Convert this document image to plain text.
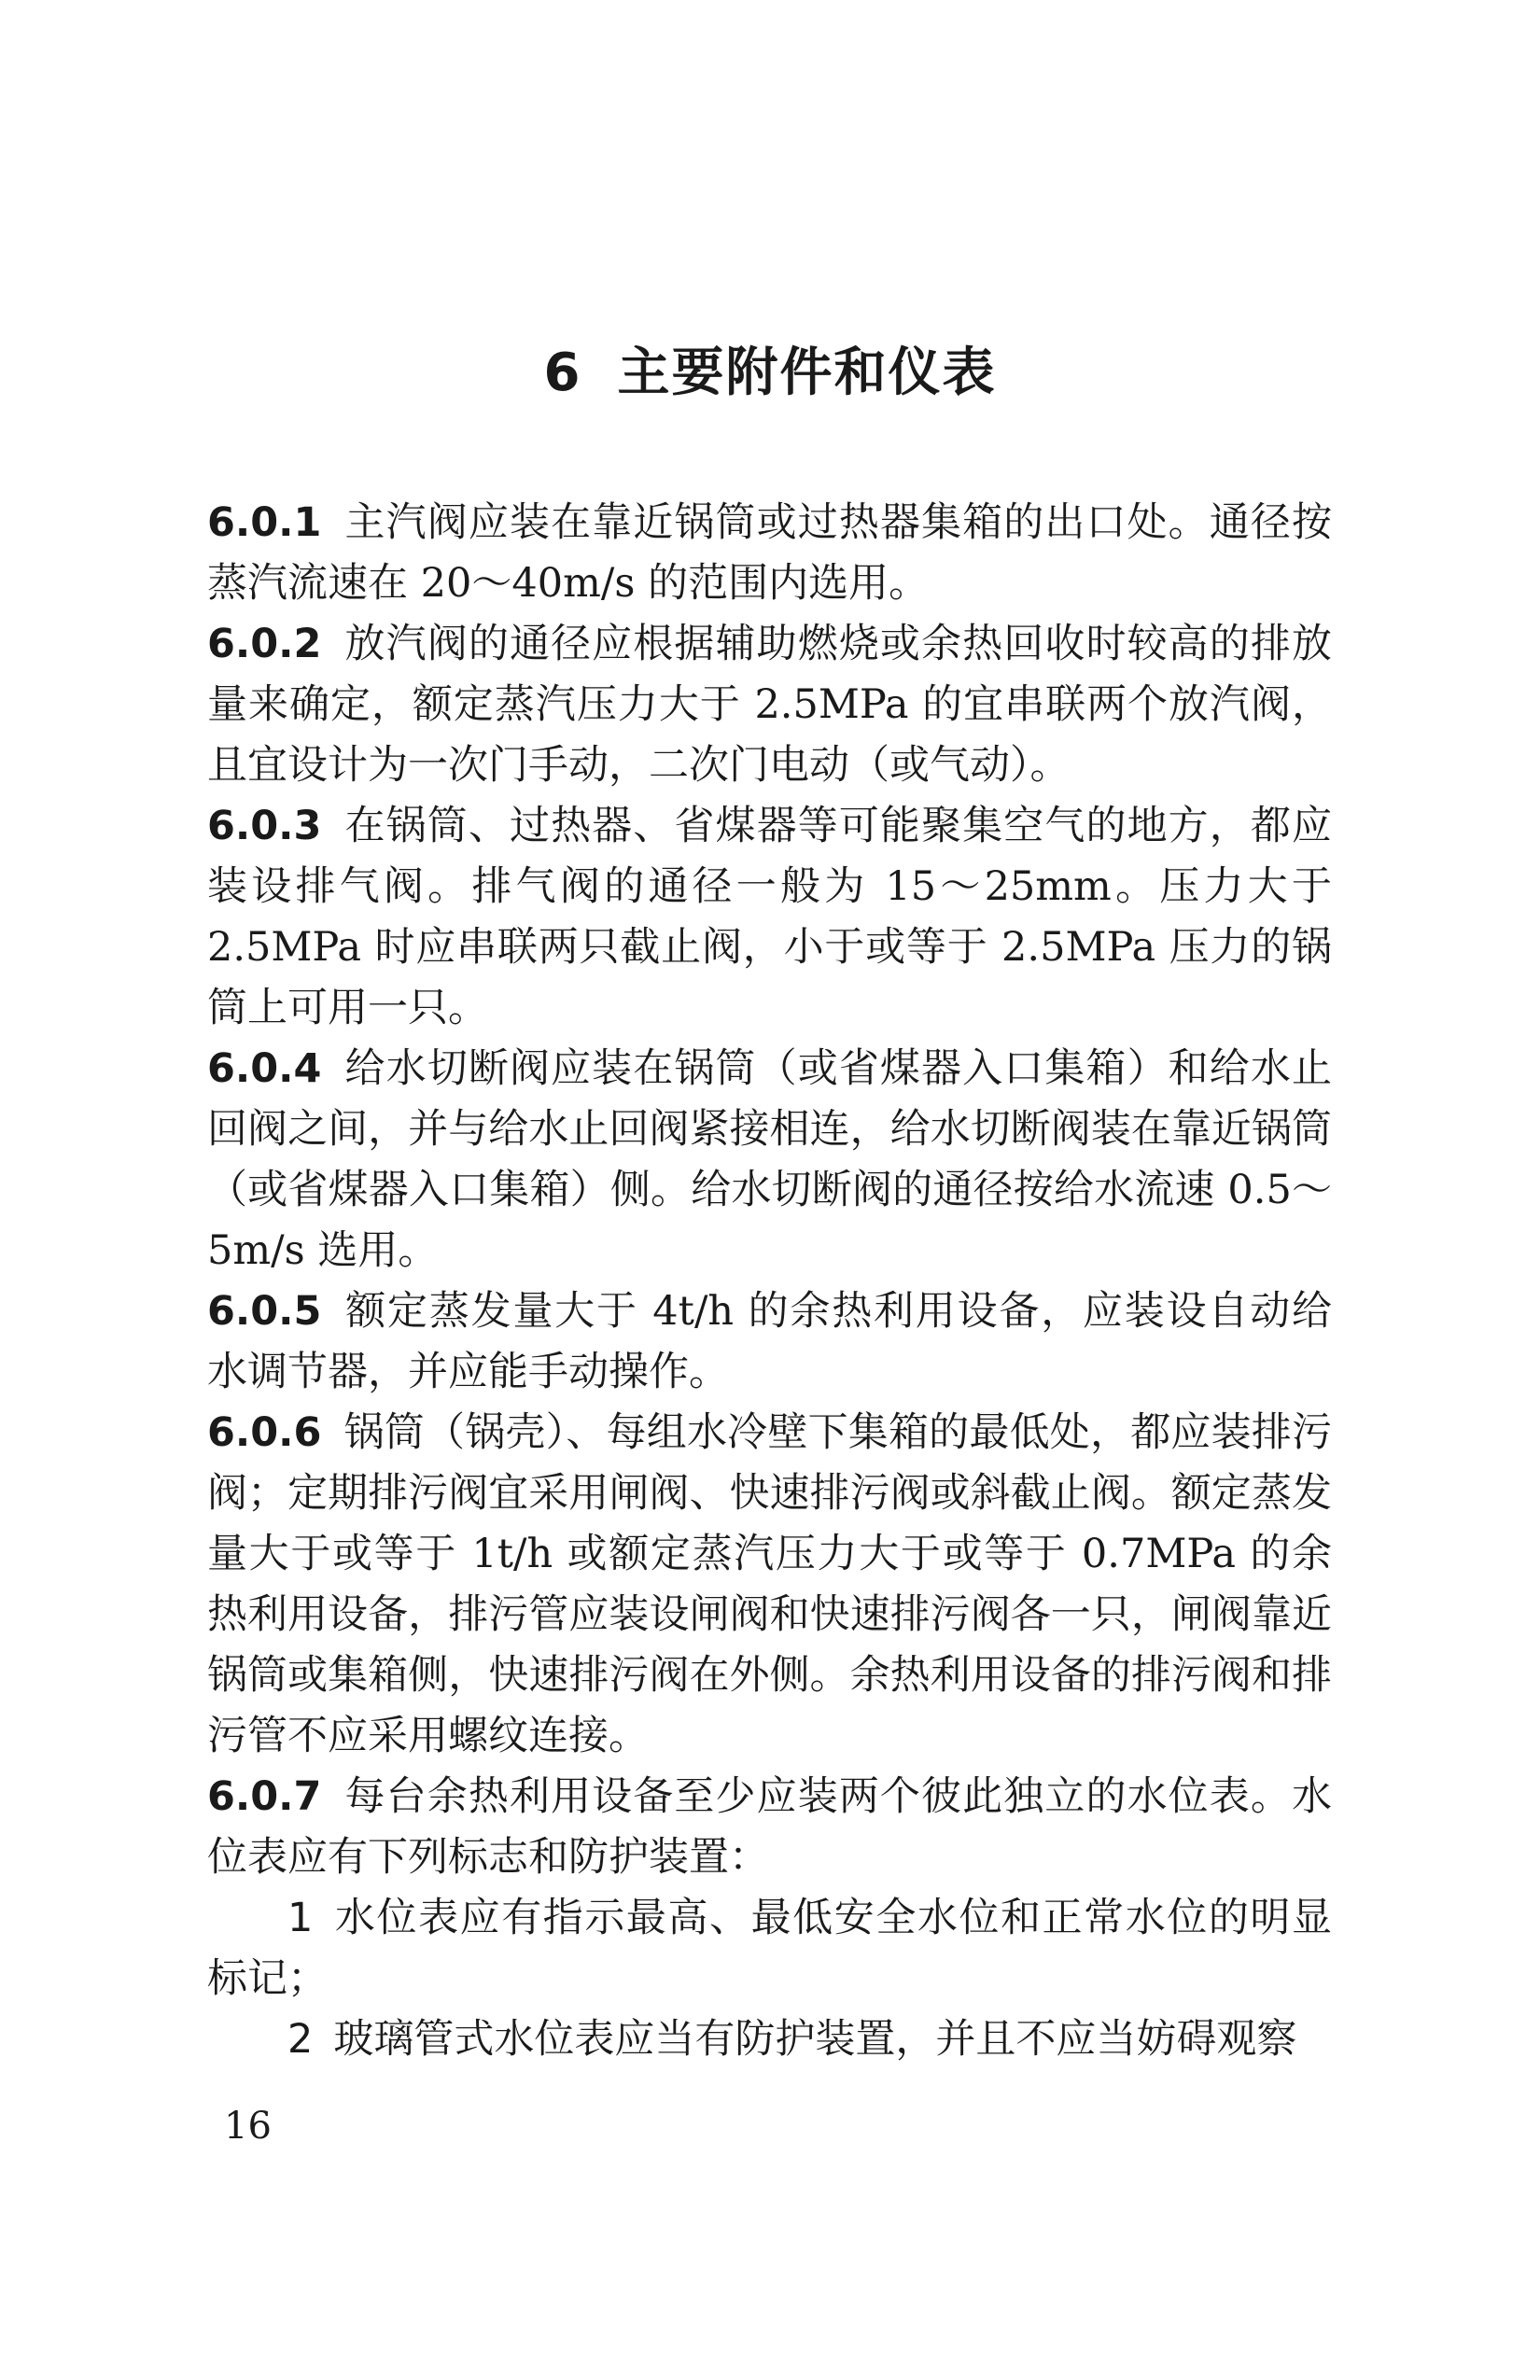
6 主要附件和仪表

6.0.1 主汽阀应装在靠近锅筒或过热器集箱的出口处。通径按蒸汽流速在 20～40m/s 的范围内选用。

6.0.2 放汽阀的通径应根据辅助燃烧或余热回收时较高的排放量来确定，额定蒸汽压力大于 2.5MPa 的宜串联两个放汽阀，且宜设计为一次门手动，二次门电动（或气动）。

6.0.3 在锅筒、过热器、省煤器等可能聚集空气的地方，都应装设排气阀。排气阀的通径一般为 15～25mm。压力大于 2.5MPa 时应串联两只截止阀，小于或等于 2.5MPa 压力的锅筒上可用一只。

6.0.4 给水切断阀应装在锅筒（或省煤器入口集箱）和给水止回阀之间，并与给水止回阀紧接相连，给水切断阀装在靠近锅筒（或省煤器入口集箱）侧。给水切断阀的通径按给水流速 0.5～5m/s 选用。

6.0.5 额定蒸发量大于 4t/h 的余热利用设备，应装设自动给水调节器，并应能手动操作。

6.0.6 锅筒（锅壳）、每组水冷壁下集箱的最低处，都应装排污阀；定期排污阀宜采用闸阀、快速排污阀或斜截止阀。额定蒸发量大于或等于 1t/h 或额定蒸汽压力大于或等于 0.7MPa 的余热利用设备，排污管应装设闸阀和快速排污阀各一只，闸阀靠近锅筒或集箱侧，快速排污阀在外侧。余热利用设备的排污阀和排污管不应采用螺纹连接。

6.0.7 每台余热利用设备至少应装两个彼此独立的水位表。水位表应有下列标志和防护装置：

1 水位表应有指示最高、最低安全水位和正常水位的明显标记；

2 玻璃管式水位表应当有防护装置，并且不应当妨碍观察

16
